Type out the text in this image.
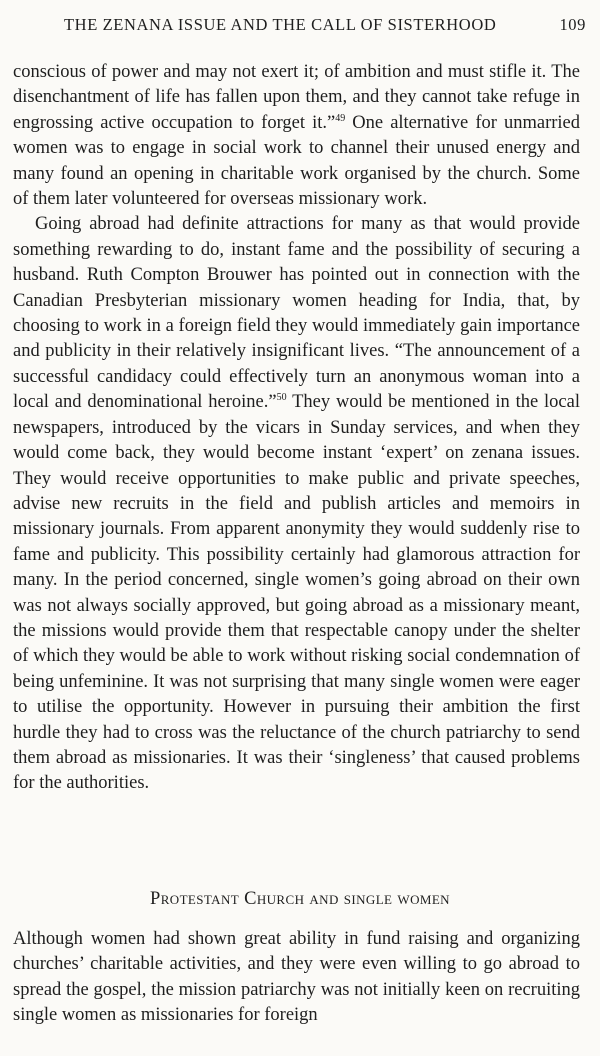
THE ZENANA ISSUE AND THE CALL OF SISTERHOOD	109

conscious of power and may not exert it; of ambition and must stifle it. The disenchantment of life has fallen upon them, and they cannot take refuge in engrossing active occupation to forget it.”$^{49}$ One alternative for unmarried women was to engage in social work to channel their unused energy and many found an opening in charitable work organised by the church. Some of them later volunteered for overseas missionary work.

Going abroad had definite attractions for many as that would provide something rewarding to do, instant fame and the possibility of securing a husband. Ruth Compton Brouwer has pointed out in connection with the Canadian Presbyterian missionary women heading for India, that, by choosing to work in a foreign field they would immediately gain importance and publicity in their relatively insignificant lives. “The announcement of a successful candidacy could effectively turn an anonymous woman into a local and denominational heroine.”$^{50}$ They would be mentioned in the local newspapers, introduced by the vicars in Sunday services, and when they would come back, they would become instant ‘expert’ on zenana issues. They would receive opportunities to make public and private speeches, advise new recruits in the field and publish articles and memoirs in missionary journals. From apparent anonymity they would suddenly rise to fame and publicity. This possibility certainly had glamorous attraction for many. In the period concerned, single women’s going abroad on their own was not always socially approved, but going abroad as a missionary meant, the missions would provide them that respectable canopy under the shelter of which they would be able to work without risking social condemnation of being unfeminine. It was not surprising that many single women were eager to utilise the opportunity. However in pursuing their ambition the first hurdle they had to cross was the reluctance of the church patriarchy to send them abroad as missionaries. It was their ‘singleness’ that caused problems for the authorities.

Protestant Church and single women

Although women had shown great ability in fund raising and organizing churches’ charitable activities, and they were even willing to go abroad to spread the gospel, the mission patriarchy was not initially keen on recruiting single women as missionaries for foreign
